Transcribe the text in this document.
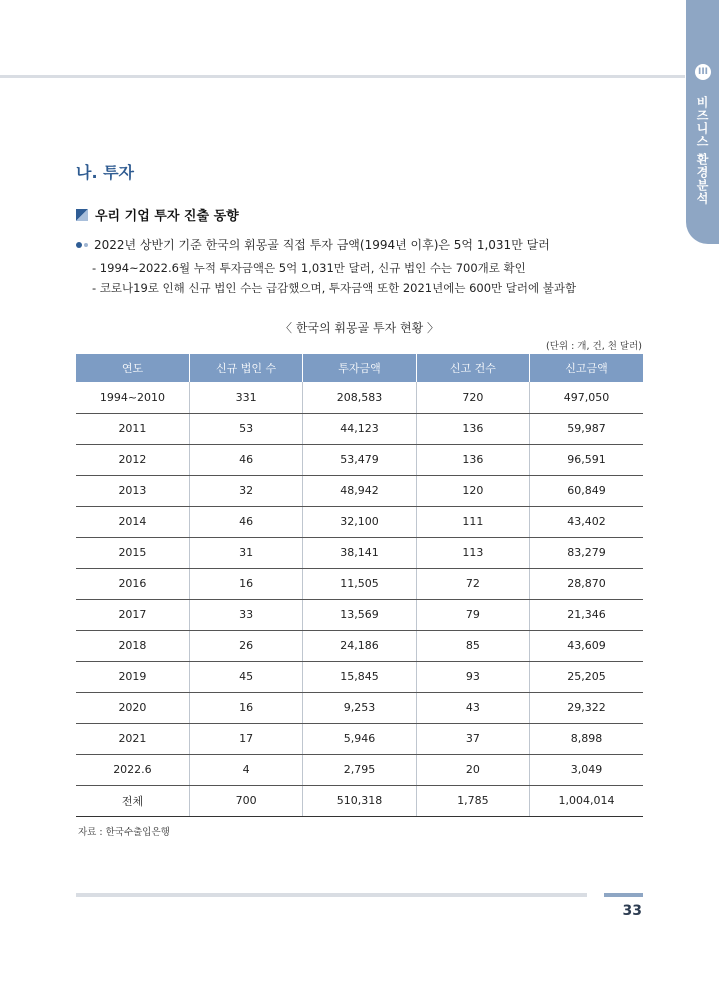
III
비즈니스 환경분석
나. 투자
우리 기업 투자 진출 동향
2022년 상반기 기준 한국의 휘몽골 직접 투자 금액(1994년 이후)은 5억 1,031만 달러
- 1994~2022.6월 누적 투자금액은 5억 1,031만 달러, 신규 법인 수는 700개로 확인
- 코로나19로 인해 신규 법인 수는 급감했으며, 투자금액 또한 2021년에는 600만 달러에 불과함
〈 한국의 휘몽골 투자 현황 〉
(단위 : 개, 건, 천 달러)
연도	신규 법인 수	투자금액	신고 건수	신고금액
1994~2010	331	208,583	720	497,050
2011	53	44,123	136	59,987
2012	46	53,479	136	96,591
2013	32	48,942	120	60,849
2014	46	32,100	111	43,402
2015	31	38,141	113	83,279
2016	16	11,505	72	28,870
2017	33	13,569	79	21,346
2018	26	24,186	85	43,609
2019	45	15,845	93	25,205
2020	16	9,253	43	29,322
2021	17	5,946	37	8,898
2022.6	4	2,795	20	3,049
전체	700	510,318	1,785	1,004,014
자료 : 한국수출입은행
33
